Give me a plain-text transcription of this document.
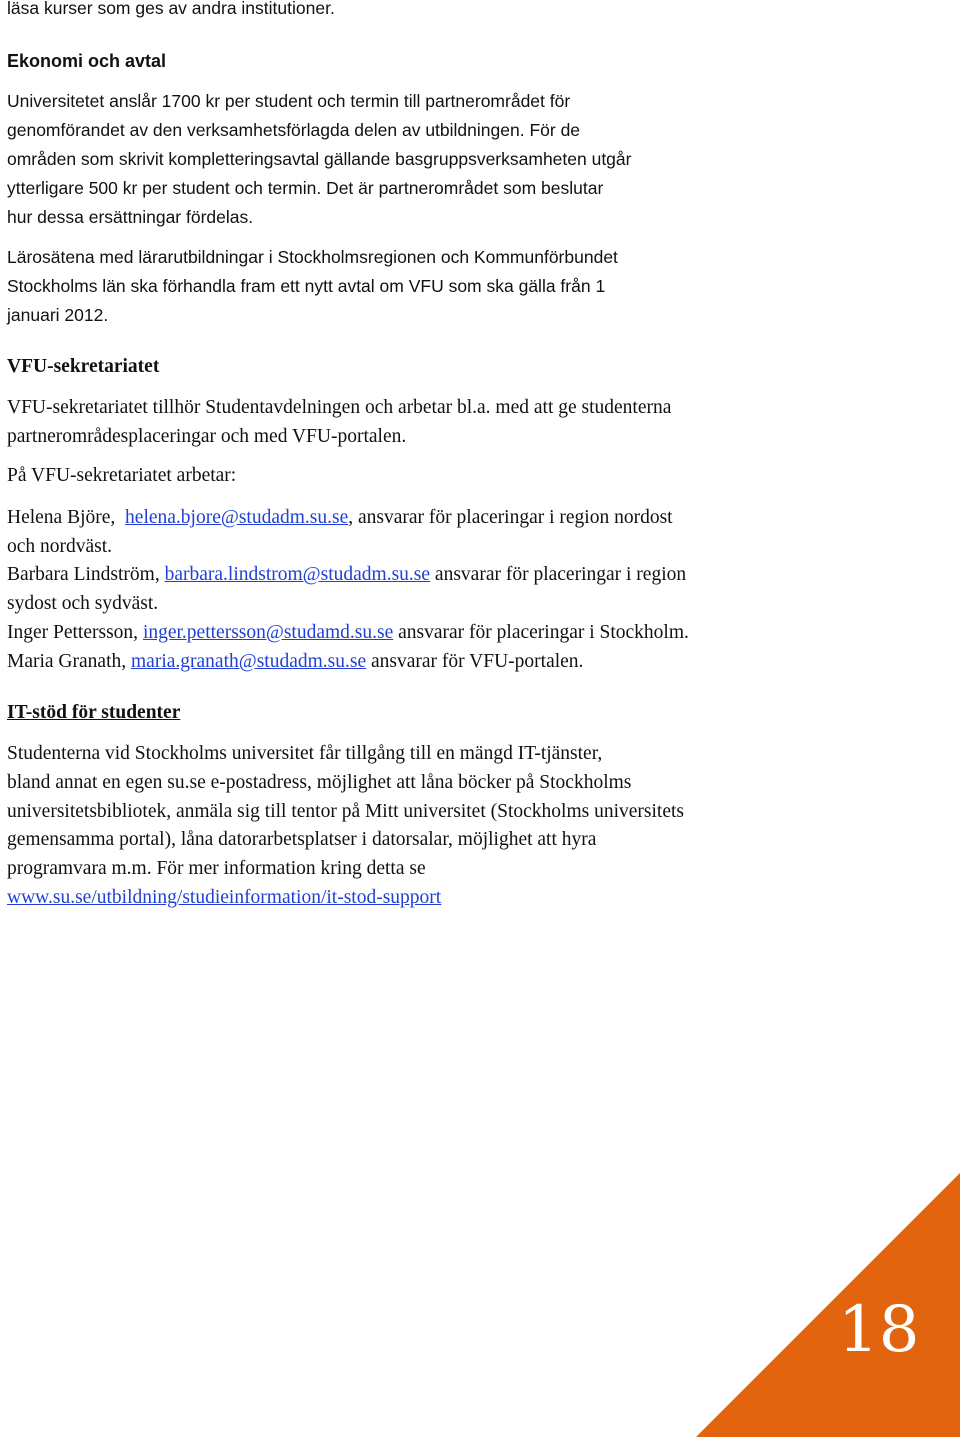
läsa kurser som ges av andra institutioner.
Ekonomi och avtal
Universitetet anslår 1700 kr per student och termin till partnerområdet för
genomförandet av den verksamhetsförlagda delen av utbildningen. För de
områden som skrivit kompletteringsavtal gällande basgruppsverksamheten utgår
ytterligare 500 kr per student och termin. Det är partnerområdet som beslutar
hur dessa ersättningar fördelas.
Lärosätena med lärarutbildningar i Stockholmsregionen och Kommunförbundet
Stockholms län ska förhandla fram ett nytt avtal om VFU som ska gälla från 1
januari 2012.
VFU-sekretariatet
VFU-sekretariatet tillhör Studentavdelningen och arbetar bl.a. med att ge studenterna
partnerområdesplaceringar och med VFU-portalen.
På VFU-sekretariatet arbetar:
Helena Björe, helena.bjore@studadm.su.se, ansvarar för placeringar i region nordost
och nordväst.
Barbara Lindström, barbara.lindstrom@studadm.su.se ansvarar för placeringar i region
sydost och sydväst.
Inger Pettersson, inger.pettersson@studamd.su.se ansvarar för placeringar i Stockholm.
Maria Granath, maria.granath@studadm.su.se ansvarar för VFU-portalen.
IT-stöd för studenter
Studenterna vid Stockholms universitet får tillgång till en mängd IT-tjänster,
bland annat en egen su.se e-postadress, möjlighet att låna böcker på Stockholms
universitetsbibliotek, anmäla sig till tentor på Mitt universitet (Stockholms universitets
gemensamma portal), låna datorarbetsplatser i datorsalar, möjlighet att hyra
programvara m.m. För mer information kring detta se
www.su.se/utbildning/studieinformation/it-stod-support
18
